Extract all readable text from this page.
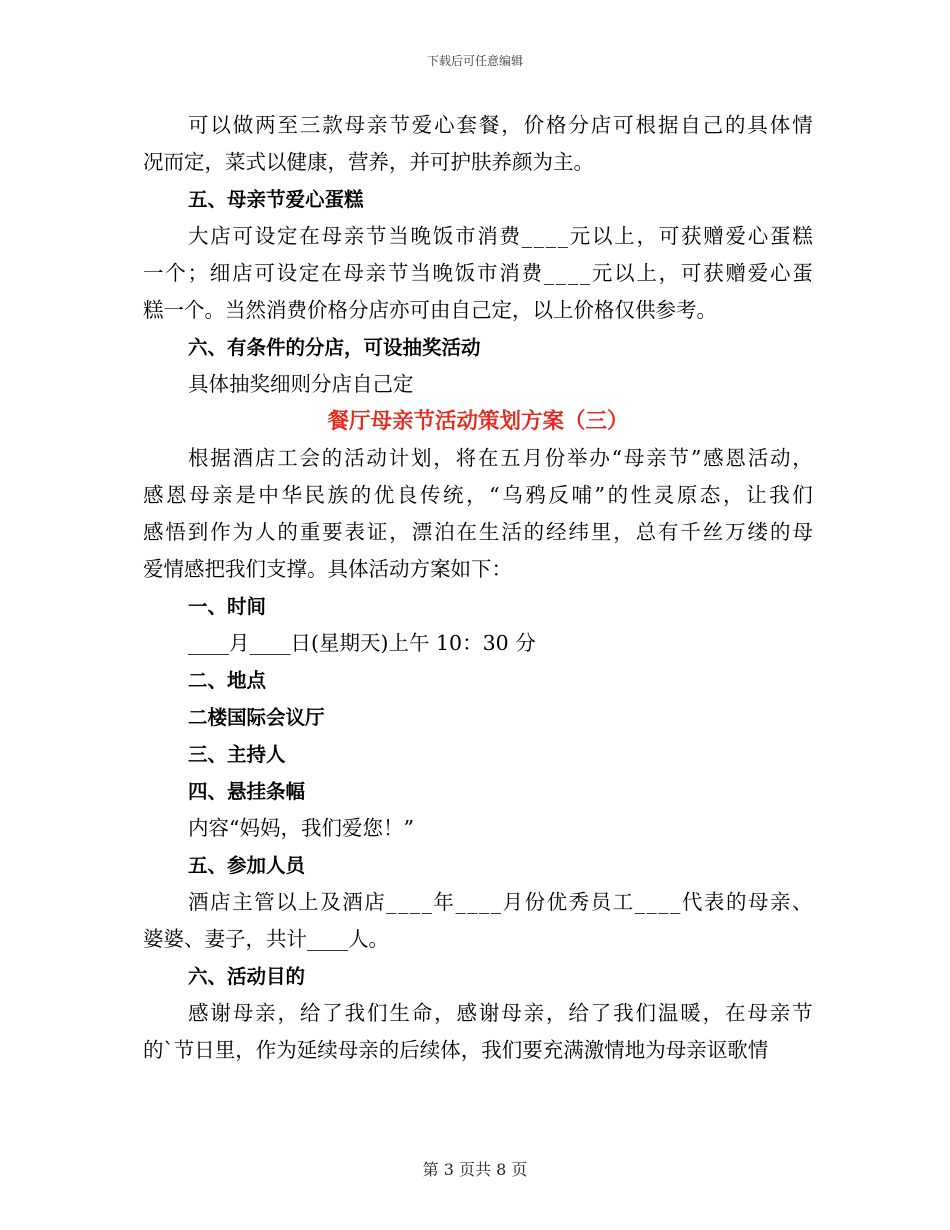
下载后可任意编辑
可 以 做 两 至 三 款 母 亲 节 爱 心 套 餐 ， 价 格 分 店 可 根 据 自 己 的 具 体 情
况而定，菜式以健康，营养，并可护肤养颜为主。
五、母亲节爱心蛋糕
大 店 可 设 定 在 母 亲 节 当 晚 饭 市 消 费 _ _ _ _ 元 以 上 ， 可 获 赠 爱 心 蛋 糕
一 个 ； 细 店 可 设 定 在 母 亲 节 当 晚 饭 市 消 费 _ _ _ _ 元 以 上 ， 可 获 赠 爱 心 蛋
糕一个。当然消费价格分店亦可由自己定，以上价格仅供参考。
六、有条件的分店，可设抽奖活动
具体抽奖细则分店自己定
餐厅母亲节活动策划方案（三）
根 据 酒 店 工 会 的 活 动 计 划 ， 将 在 五 月 份 举 办 “ 母 亲 节 ” 感 恩 活 动 ，
感 恩 母 亲 是 中 华 民 族 的 优 良 传 统 ， “ 乌 鸦 反 哺 ” 的 性 灵 原 态 ， 让 我 们
感 悟 到 作 为 人 的 重 要 表 证 ， 漂 泊 在 生 活 的 经 纬 里 ， 总 有 千 丝 万 缕 的 母
爱情感把我们支撑。具体活动方案如下：
一、时间
____月____日(星期天)上午 10：30 分
二、地点
二楼国际会议厅
三、主持人
四、悬挂条幅
内容“妈妈，我们爱您！”
五、参加人员
酒 店 主 管 以 上 及 酒 店 _ _ _ _ 年 _ _ _ _ 月 份 优 秀 员 工 _ _ _ _ 代 表 的 母 亲 、
婆婆、妻子，共计____人。
六、活动目的
感 谢 母 亲 ， 给 了 我 们 生 命 ， 感 谢 母 亲 ， 给 了 我 们 温 暖 ， 在 母 亲 节
的`节日里，作为延续母亲的后续体，我们要充满激情地为母亲讴歌情
第 3 页共 8 页
